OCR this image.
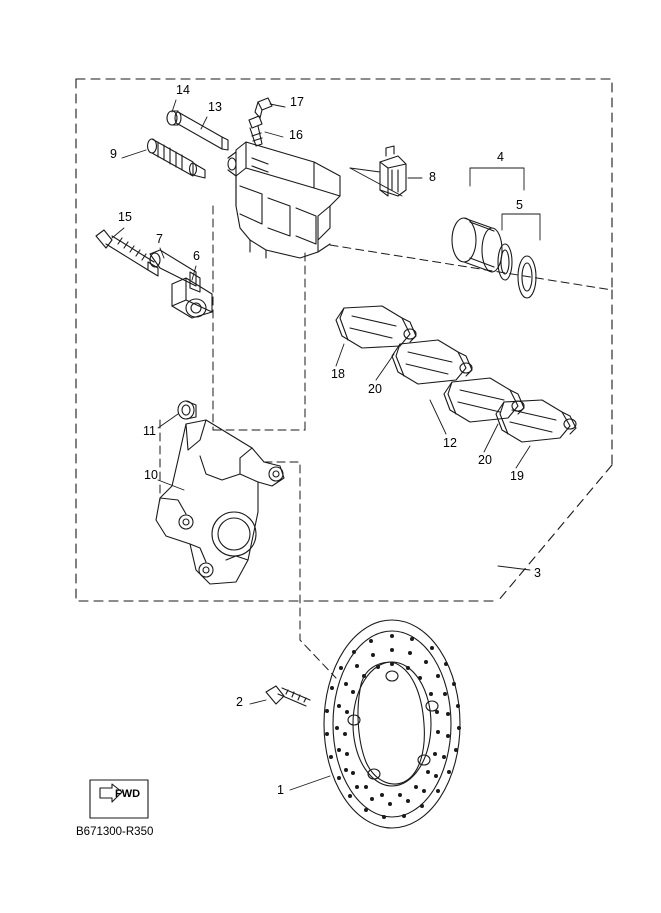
1
2
3
4
5
6
7
8
9
10
11
12
13
14
15
16
17
18
19
20
20
FWD
B671300-R350
